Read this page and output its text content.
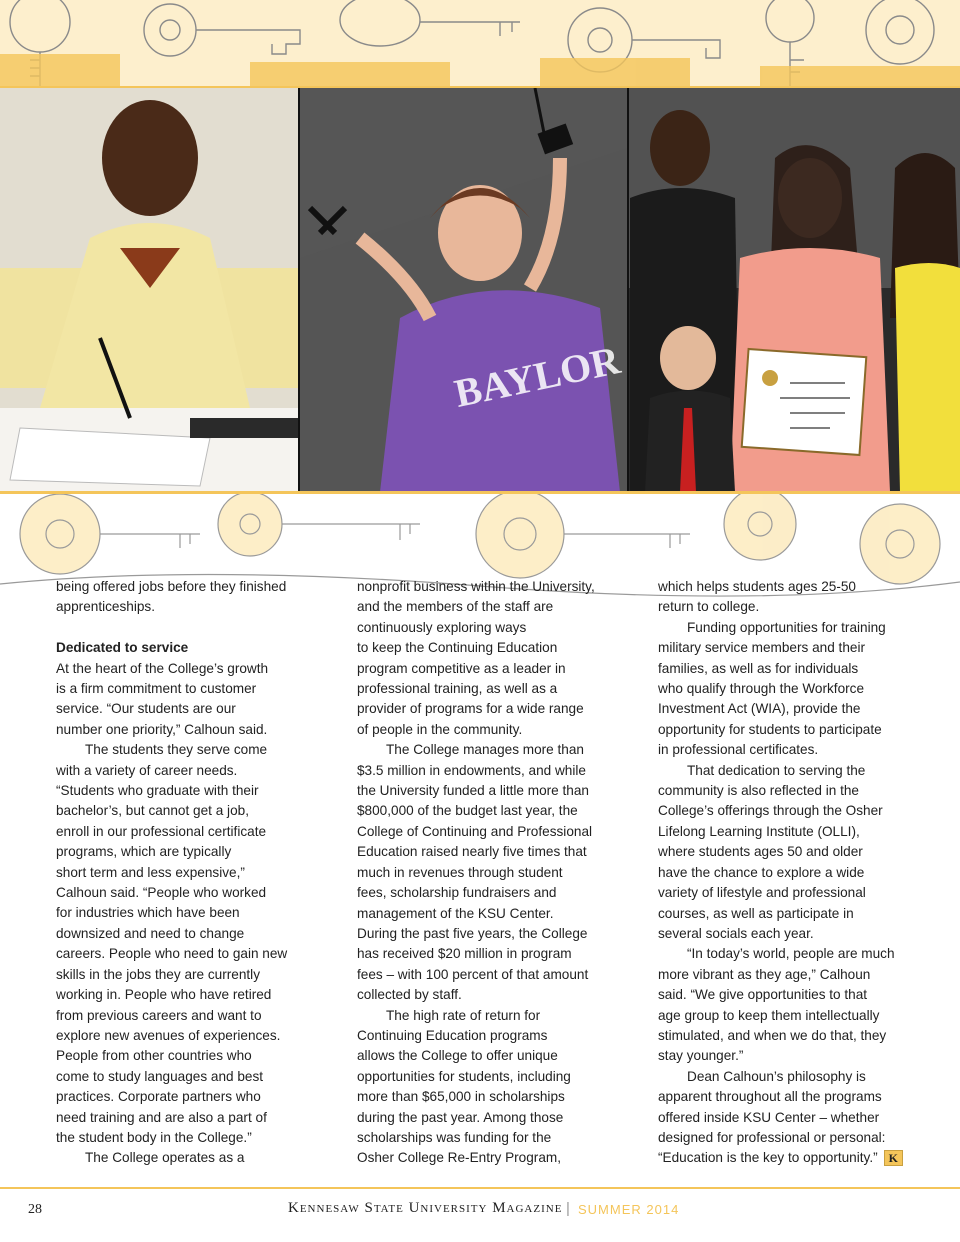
BAYLOR
being offered jobs before they finished
apprenticeships.
Dedicated to service
At the heart of the College’s growth
is a firm commitment to customer
service. “Our students are our
number one priority,” Calhoun said.
The students they serve come
with a variety of career needs.
“Students who graduate with their
bachelor’s, but cannot get a job,
enroll in our professional certificate
programs, which are typically
short term and less expensive,”
Calhoun said. “People who worked
for industries which have been
downsized and need to change
careers. People who need to gain new
skills in the jobs they are currently
working in. People who have retired
from previous careers and want to
explore new avenues of experiences.
People from other countries who
come to study languages and best
practices. Corporate partners who
need training and are also a part of
the student body in the College.”
The College operates as a
nonprofit business within the University,
and the members of the staff are
continuously exploring ways
to keep the Continuing Education
program competitive as a leader in
professional training, as well as a
provider of programs for a wide range
of people in the community.
The College manages more than
$3.5 million in endowments, and while
the University funded a little more than
$800,000 of the budget last year, the
College of Continuing and Professional
Education raised nearly five times that
much in revenues through student
fees, scholarship fundraisers and
management of the KSU Center.
During the past five years, the College
has received $20 million in program
fees – with 100 percent of that amount
collected by staff.
The high rate of return for
Continuing Education programs
allows the College to offer unique
opportunities for students, including
more than $65,000 in scholarships
during the past year. Among those
scholarships was funding for the
Osher College Re-Entry Program,
which helps students ages 25-50
return to college.
Funding opportunities for training
military service members and their
families, as well as for individuals
who qualify through the Workforce
Investment Act (WIA), provide the
opportunity for students to participate
in professional certificates.
That dedication to serving the
community is also reflected in the
College’s offerings through the Osher
Lifelong Learning Institute (OLLI),
where students ages 50 and older
have the chance to explore a wide
variety of lifestyle and professional
courses, as well as participate in
several socials each year.
“In today’s world, people are much
more vibrant as they age,” Calhoun
said. “We give opportunities to that
age group to keep them intellectually
stimulated, and when we do that, they
stay younger.”
Dean Calhoun’s philosophy is
apparent throughout all the programs
offered inside KSU Center – whether
designed for professional or personal:
“Education is the key to opportunity.” K
28	Kennesaw State University Magazine | SUMMER 2014
